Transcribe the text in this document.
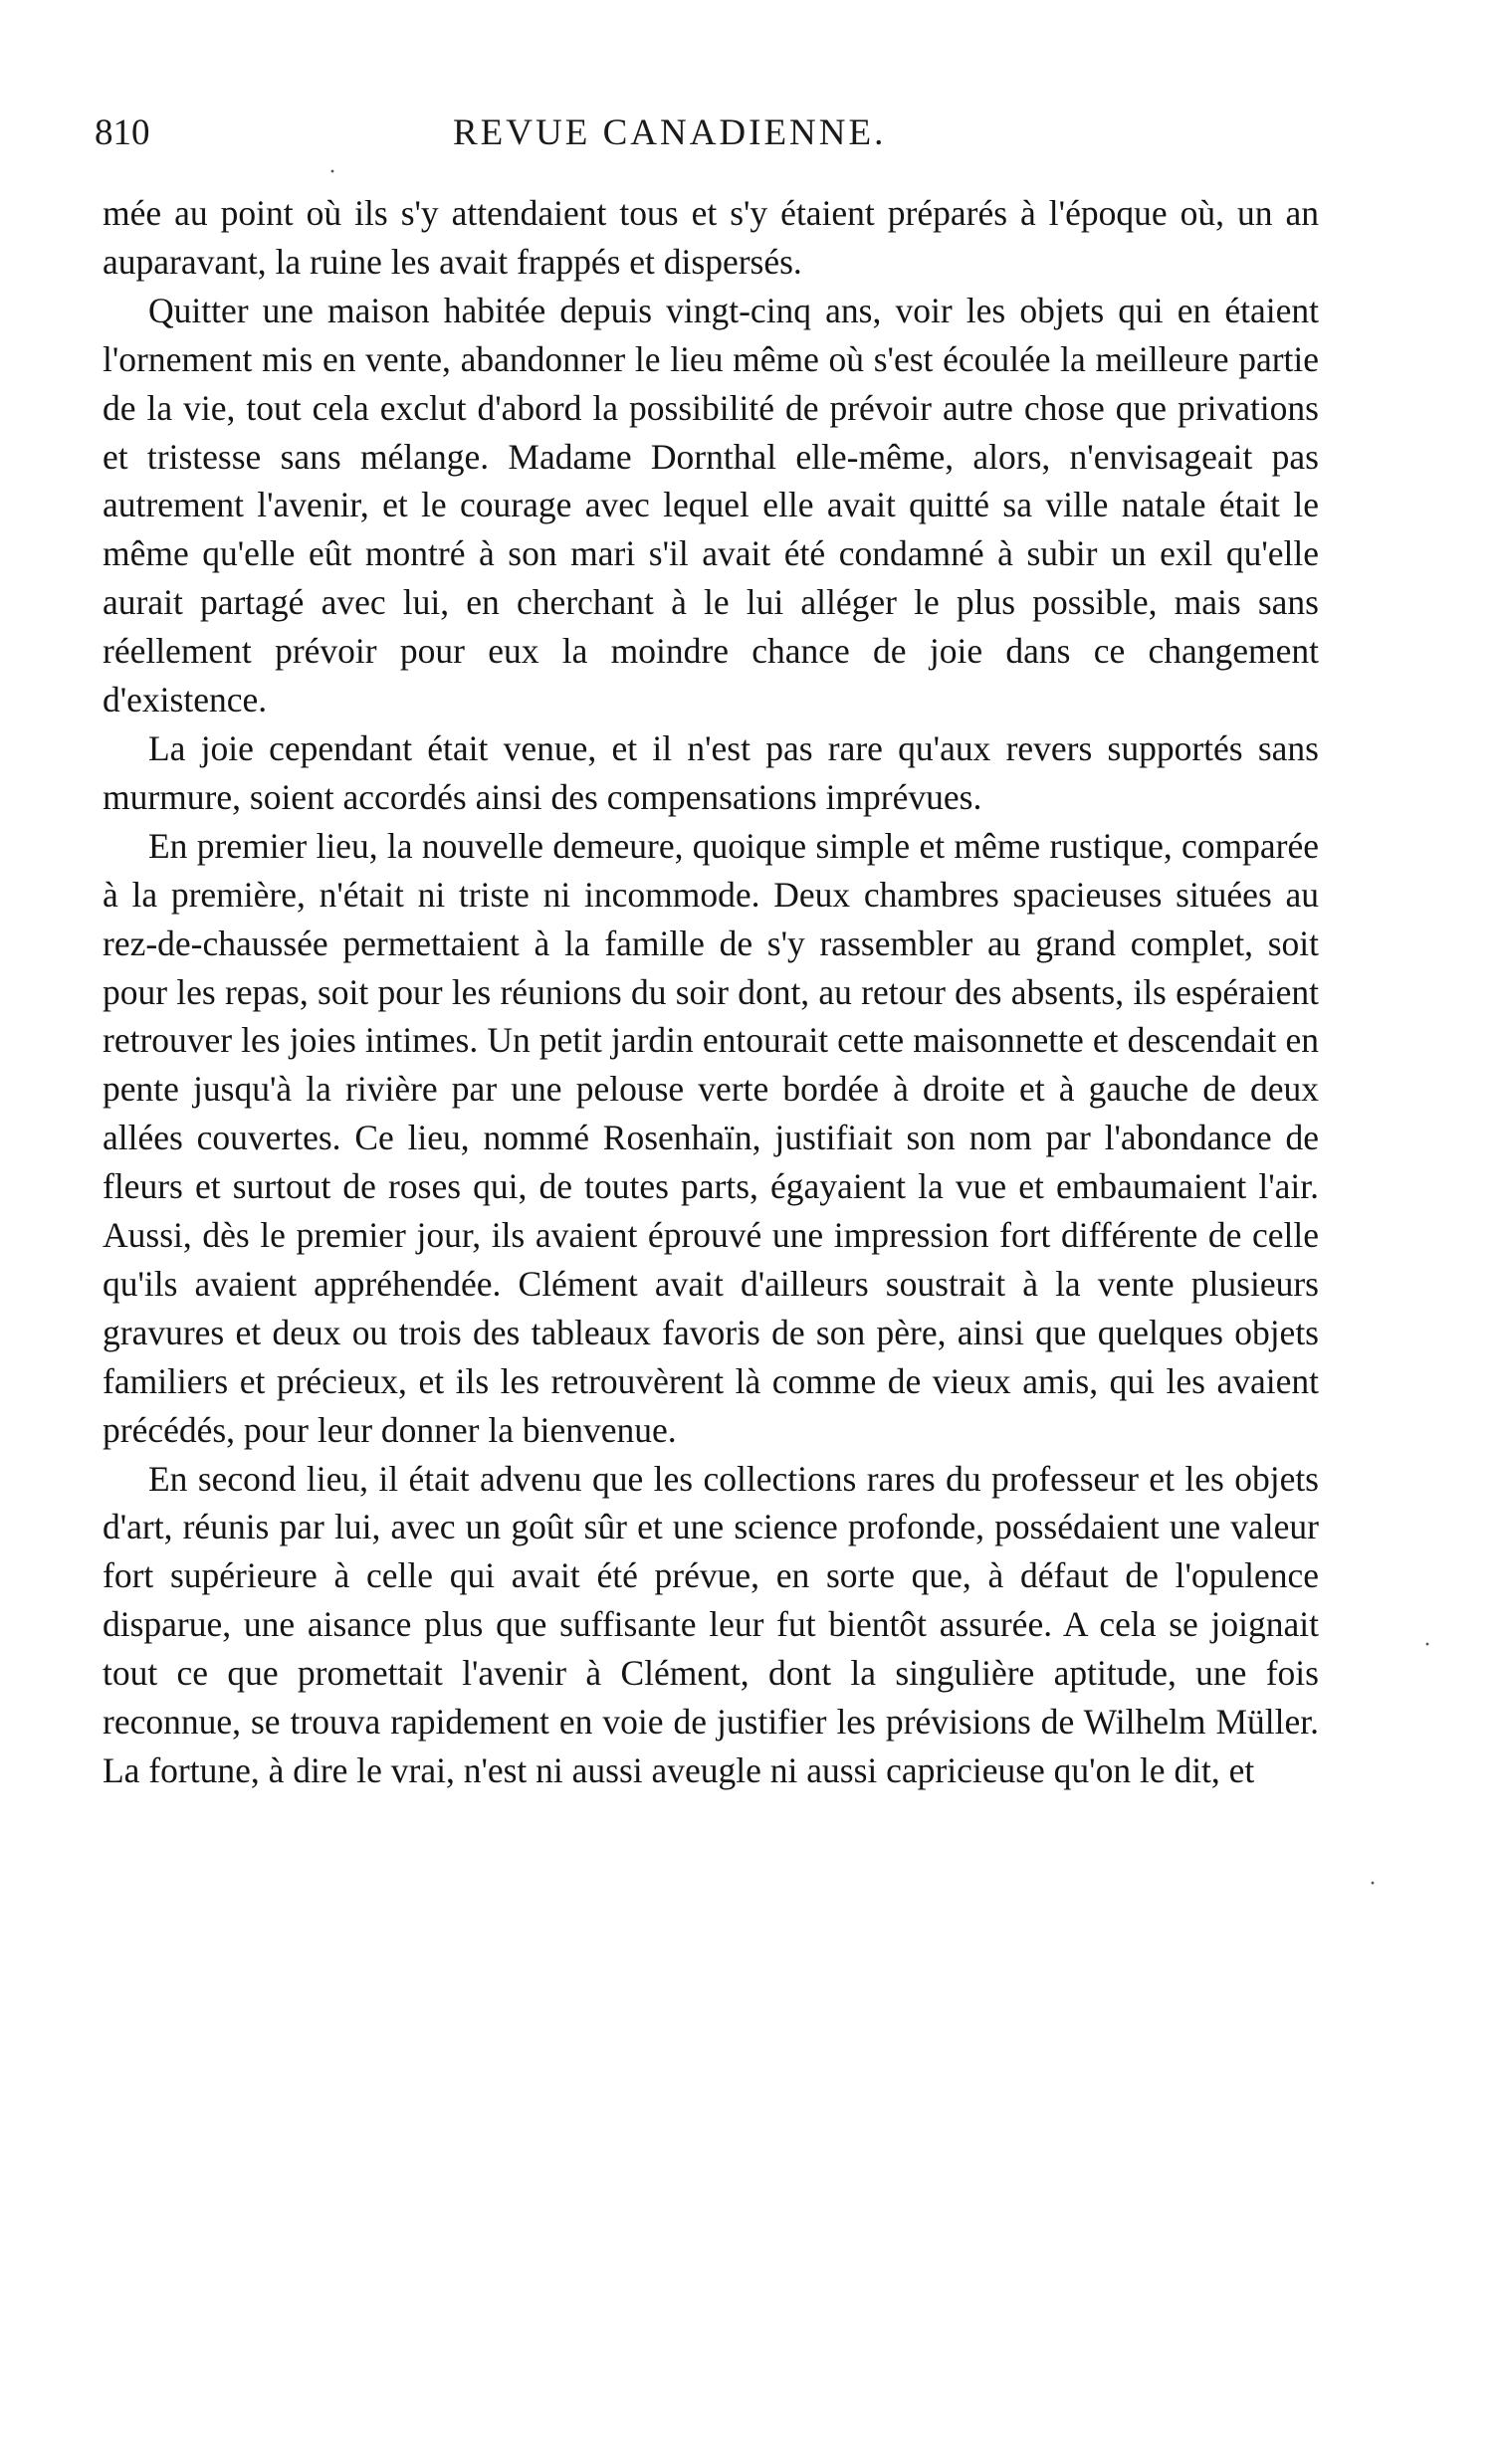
810	REVUE CANADIENNE.

mée au point où ils s'y attendaient tous et s'y étaient préparés à l'époque où, un an auparavant, la ruine les avait frappés et dispersés.

Quitter une maison habitée depuis vingt-cinq ans, voir les objets qui en étaient l'ornement mis en vente, abandonner le lieu même où s'est écoulée la meilleure partie de la vie, tout cela exclut d'abord la possibilité de prévoir autre chose que privations et tristesse sans mélange. Madame Dornthal elle-même, alors, n'envisageait pas autrement l'avenir, et le courage avec lequel elle avait quitté sa ville natale était le même qu'elle eût montré à son mari s'il avait été condamné à subir un exil qu'elle aurait partagé avec lui, en cherchant à le lui alléger le plus possible, mais sans réellement prévoir pour eux la moindre chance de joie dans ce changement d'existence.

La joie cependant était venue, et il n'est pas rare qu'aux revers supportés sans murmure, soient accordés ainsi des compensations imprévues.

En premier lieu, la nouvelle demeure, quoique simple et même rustique, comparée à la première, n'était ni triste ni incommode. Deux chambres spacieuses situées au rez-de-chaussée permettaient à la famille de s'y rassembler au grand complet, soit pour les repas, soit pour les réunions du soir dont, au retour des absents, ils espéraient retrouver les joies intimes. Un petit jardin entourait cette maisonnette et descendait en pente jusqu'à la rivière par une pelouse verte bordée à droite et à gauche de deux allées couvertes. Ce lieu, nommé Rosenhaïn, justifiait son nom par l'abondance de fleurs et surtout de roses qui, de toutes parts, égayaient la vue et embaumaient l'air. Aussi, dès le premier jour, ils avaient éprouvé une impression fort différente de celle qu'ils avaient appréhendée. Clément avait d'ailleurs soustrait à la vente plusieurs gravures et deux ou trois des tableaux favoris de son père, ainsi que quelques objets familiers et précieux, et ils les retrouvèrent là comme de vieux amis, qui les avaient précédés, pour leur donner la bienvenue.

En second lieu, il était advenu que les collections rares du professeur et les objets d'art, réunis par lui, avec un goût sûr et une science profonde, possédaient une valeur fort supérieure à celle qui avait été prévue, en sorte que, à défaut de l'opulence disparue, une aisance plus que suffisante leur fut bientôt assurée. A cela se joignait tout ce que promettait l'avenir à Clément, dont la singulière aptitude, une fois reconnue, se trouva rapidement en voie de justifier les prévisions de Wilhelm Müller. La fortune, à dire le vrai, n'est ni aussi aveugle ni aussi capricieuse qu'on le dit, et

·
·
·
